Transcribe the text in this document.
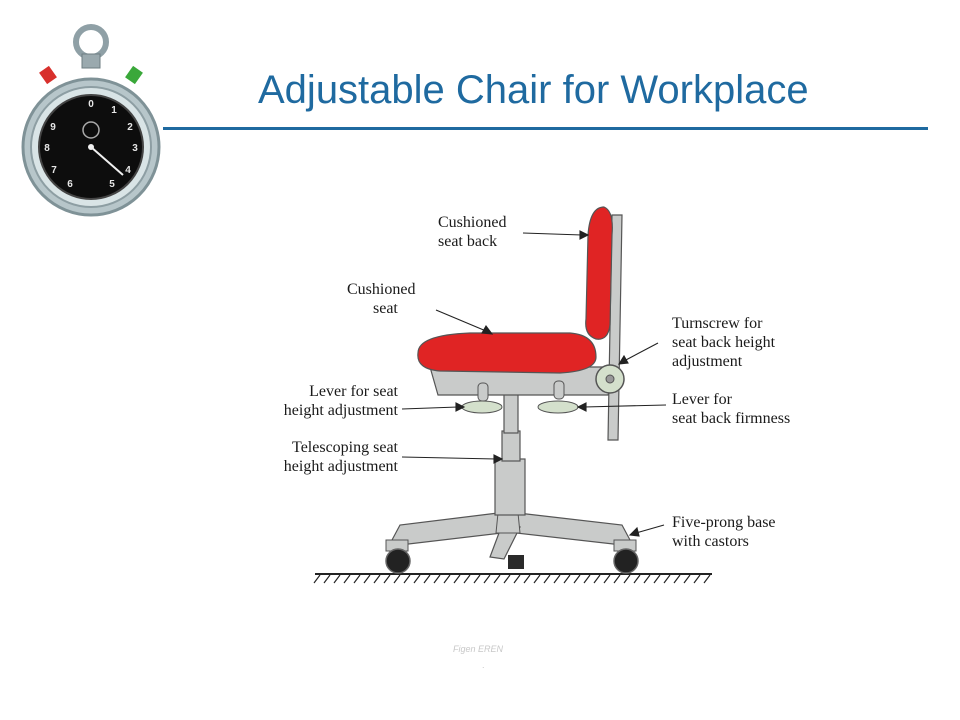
0
1
2
3
4
5
6
7
8
9
Adjustable Chair for Workplace
Cushioned
seat back
Cushioned
seat
Turnscrew for
seat back height
adjustment
Lever for seat
height adjustment
Lever for
seat back firmness
Telescoping seat
height adjustment
Five-prong base
with castors
Figen EREN
.
